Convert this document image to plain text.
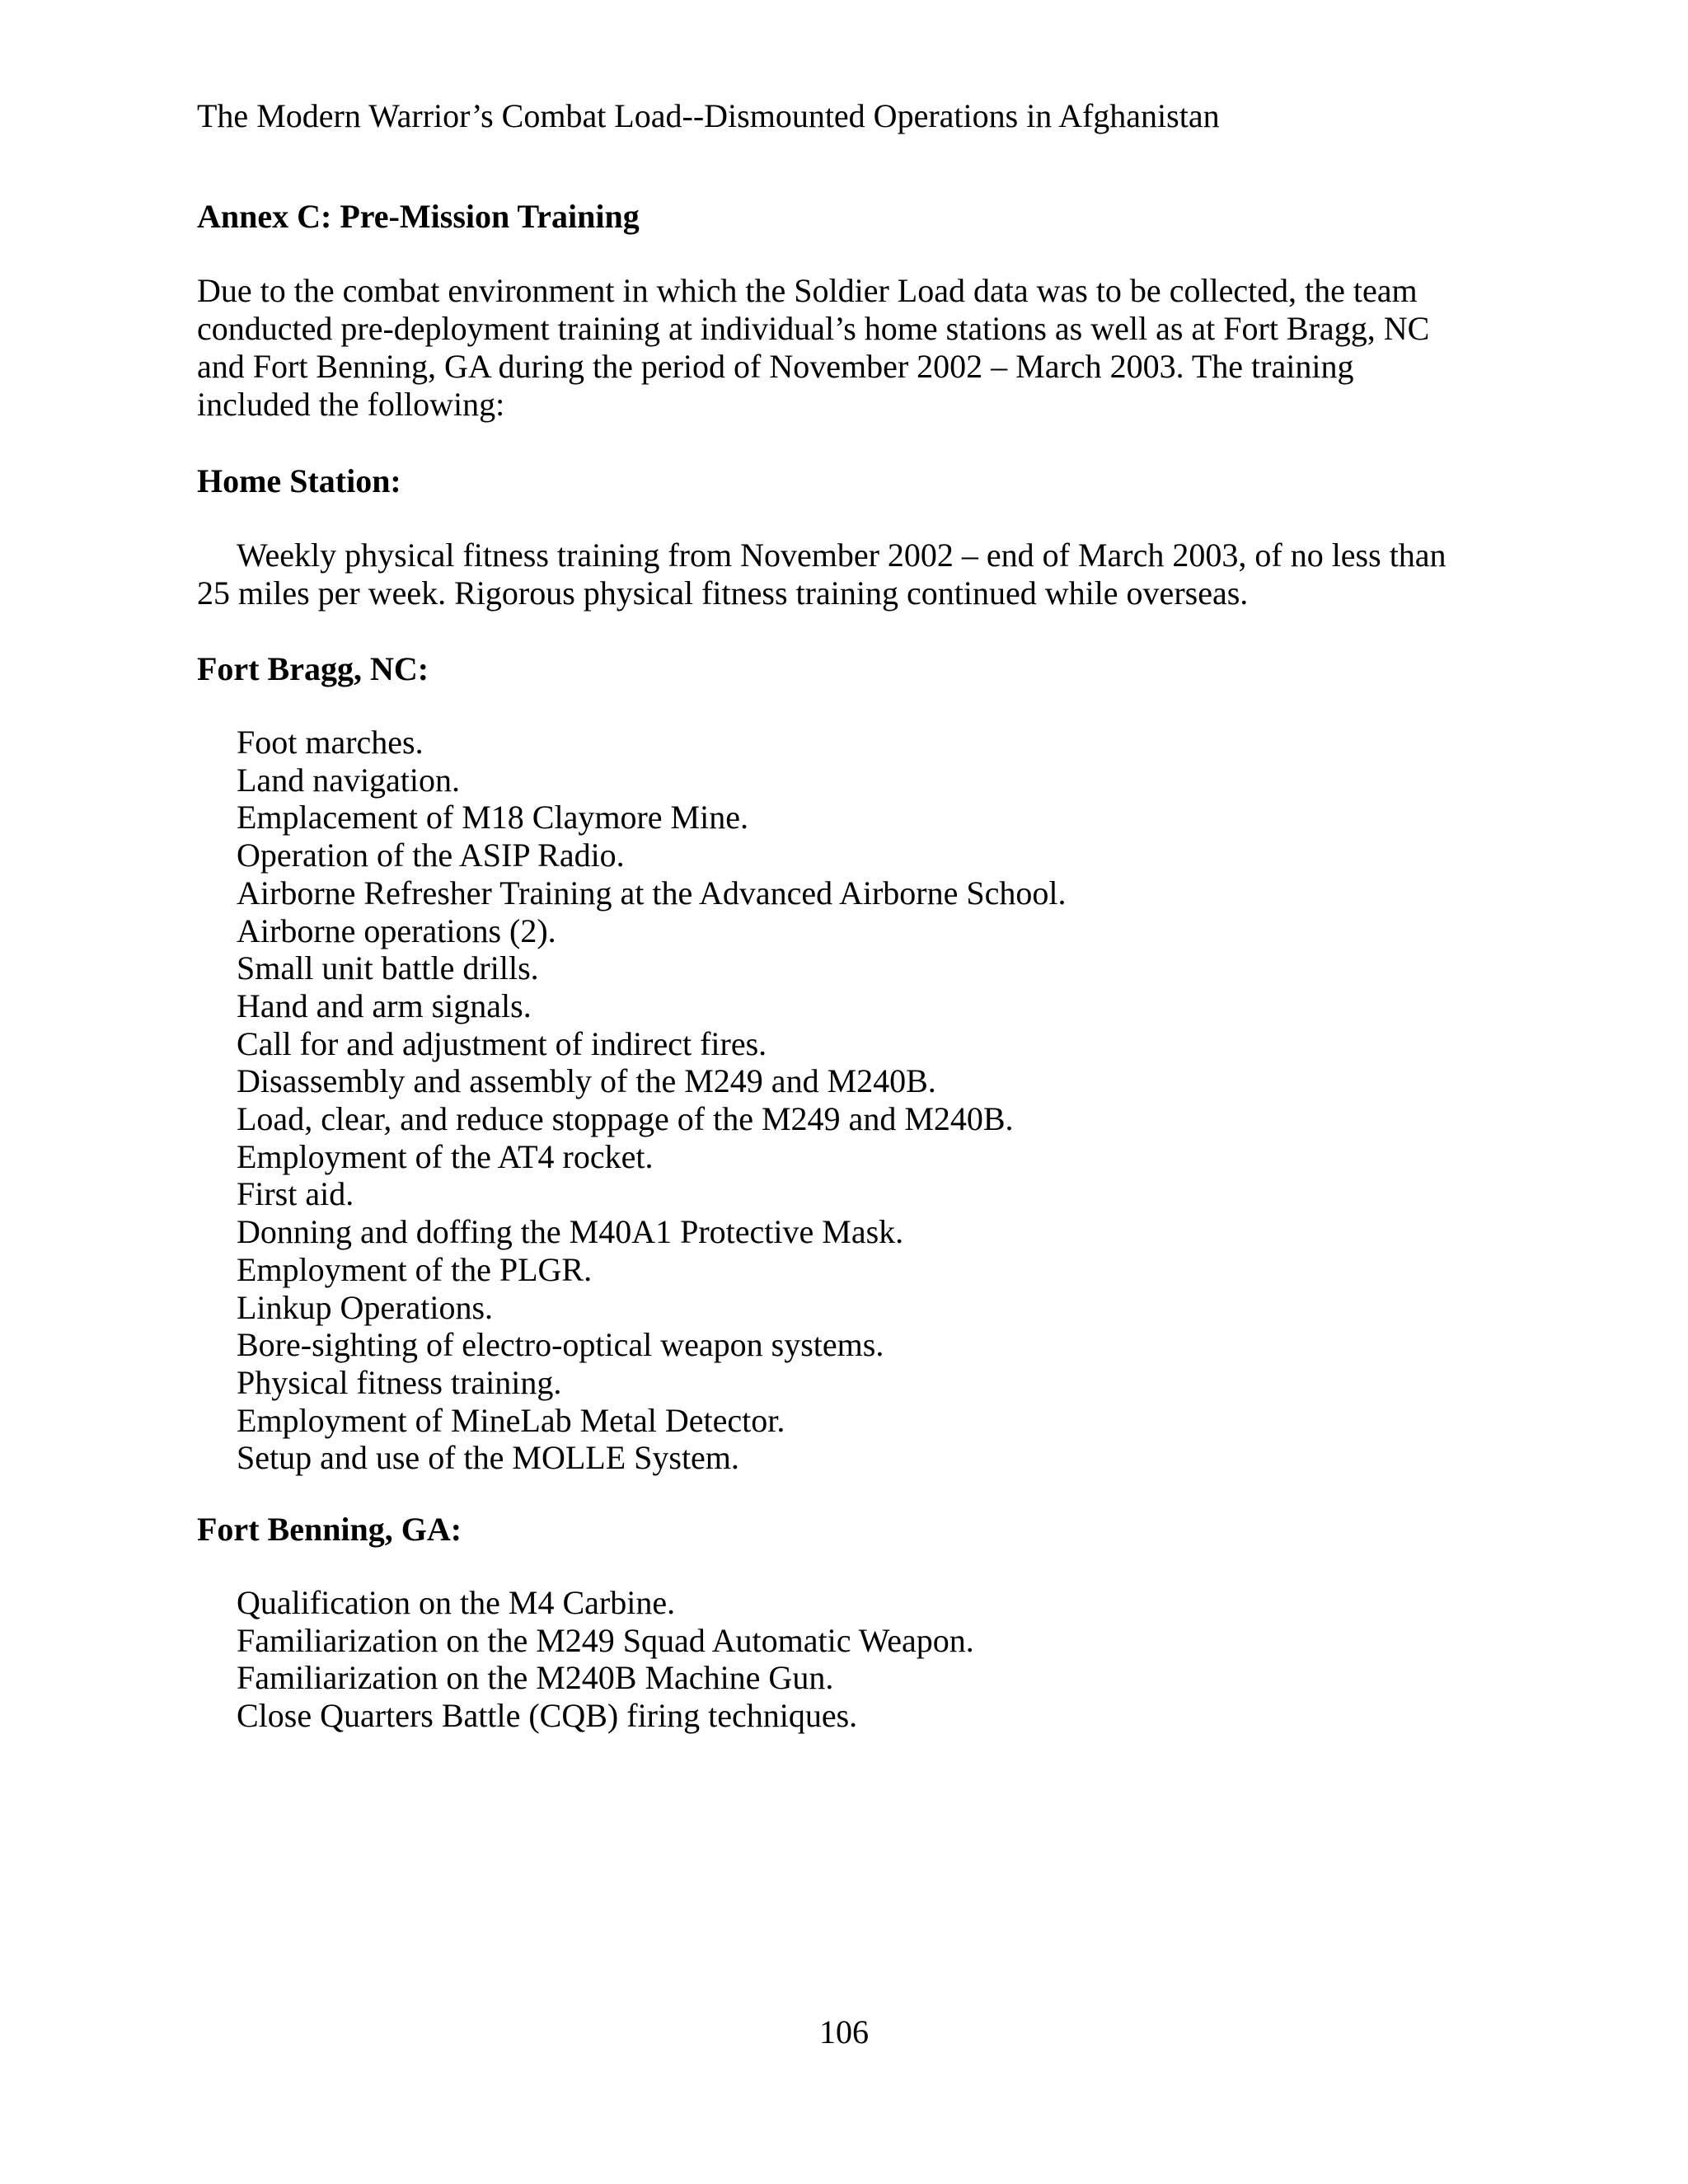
The Modern Warrior’s Combat Load--Dismounted Operations in Afghanistan
Annex C: Pre-Mission Training
Due to the combat environment in which the Soldier Load data was to be collected, the team
conducted pre-deployment training at individual’s home stations as well as at Fort Bragg, NC
and Fort Benning, GA during the period of November 2002 – March 2003. The training
included the following:
Home Station:
Weekly physical fitness training from November 2002 – end of March 2003, of no less than
25 miles per week. Rigorous physical fitness training continued while overseas.
Fort Bragg, NC:
Foot marches.
Land navigation.
Emplacement of M18 Claymore Mine.
Operation of the ASIP Radio.
Airborne Refresher Training at the Advanced Airborne School.
Airborne operations (2).
Small unit battle drills.
Hand and arm signals.
Call for and adjustment of indirect fires.
Disassembly and assembly of the M249 and M240B.
Load, clear, and reduce stoppage of the M249 and M240B.
Employment of the AT4 rocket.
First aid.
Donning and doffing the M40A1 Protective Mask.
Employment of the PLGR.
Linkup Operations.
Bore-sighting of electro-optical weapon systems.
Physical fitness training.
Employment of MineLab Metal Detector.
Setup and use of the MOLLE System.
Fort Benning, GA:
Qualification on the M4 Carbine.
Familiarization on the M249 Squad Automatic Weapon.
Familiarization on the M240B Machine Gun.
Close Quarters Battle (CQB) firing techniques.
106
